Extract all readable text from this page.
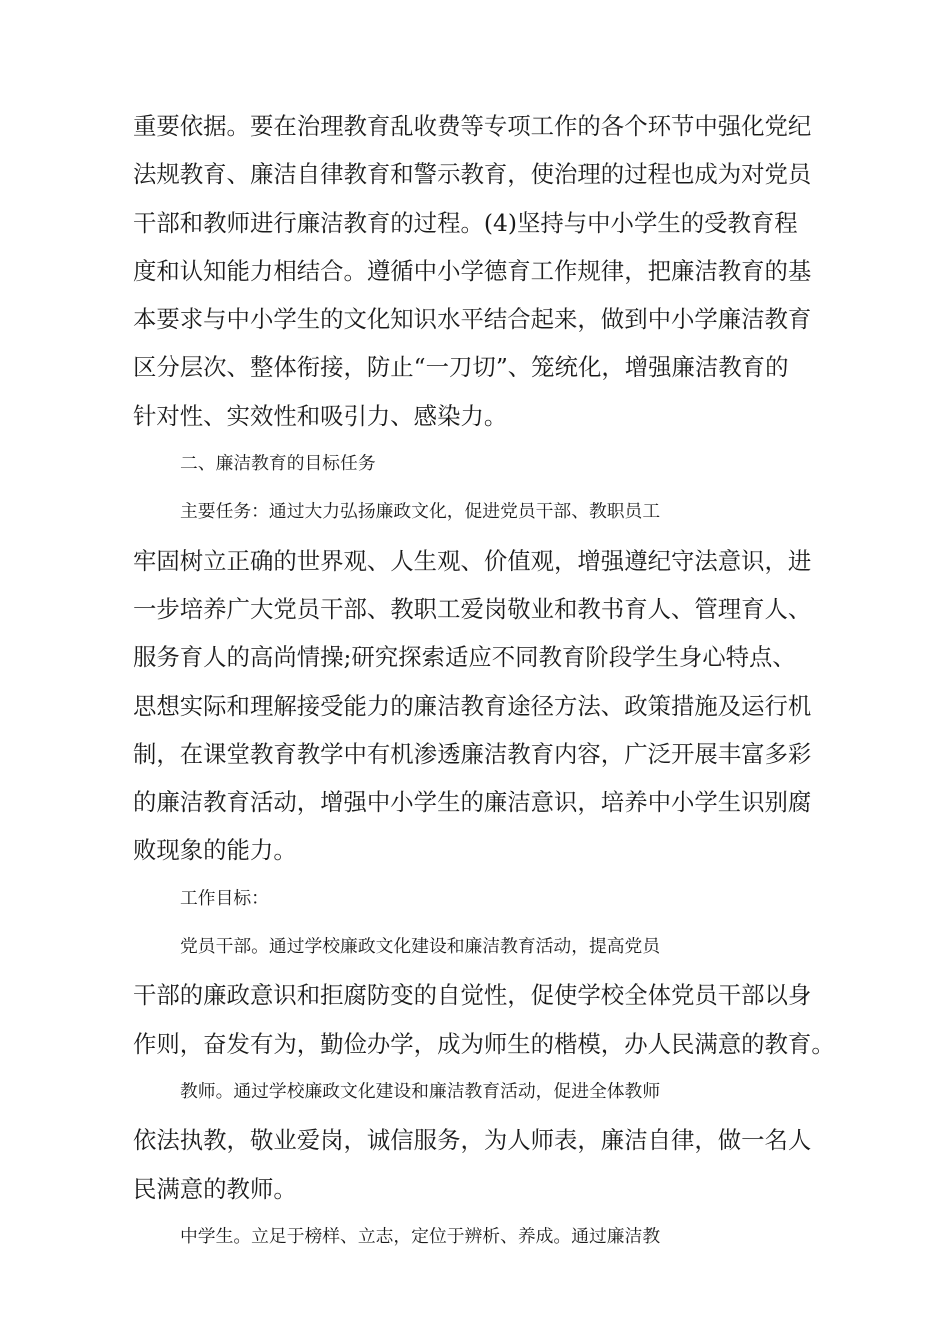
重要依据。要在治理教育乱收费等专项工作的各个环节中强化党纪
法规教育、廉洁自律教育和警示教育，使治理的过程也成为对党员
干部和教师进行廉洁教育的过程。(4)坚持与中小学生的受教育程
度和认知能力相结合。遵循中小学德育工作规律，把廉洁教育的基
本要求与中小学生的文化知识水平结合起来，做到中小学廉洁教育
区分层次、整体衔接，防止“一刀切”、笼统化，增强廉洁教育的
针对性、实效性和吸引力、感染力。
二、廉洁教育的目标任务
主要任务：通过大力弘扬廉政文化，促进党员干部、教职员工
牢固树立正确的世界观、人生观、价值观，增强遵纪守法意识，进
一步培养广大党员干部、教职工爱岗敬业和教书育人、管理育人、
服务育人的高尚情操;研究探索适应不同教育阶段学生身心特点、
思想实际和理解接受能力的廉洁教育途径方法、政策措施及运行机
制，在课堂教育教学中有机渗透廉洁教育内容，广泛开展丰富多彩
的廉洁教育活动，增强中小学生的廉洁意识，培养中小学生识别腐
败现象的能力。
工作目标：
党员干部。通过学校廉政文化建设和廉洁教育活动，提高党员
干部的廉政意识和拒腐防变的自觉性，促使学校全体党员干部以身
作则，奋发有为，勤俭办学，成为师生的楷模，办人民满意的教育。
教师。通过学校廉政文化建设和廉洁教育活动，促进全体教师
依法执教，敬业爱岗，诚信服务，为人师表，廉洁自律，做一名人
民满意的教师。
中学生。立足于榜样、立志，定位于辨析、养成。通过廉洁教
